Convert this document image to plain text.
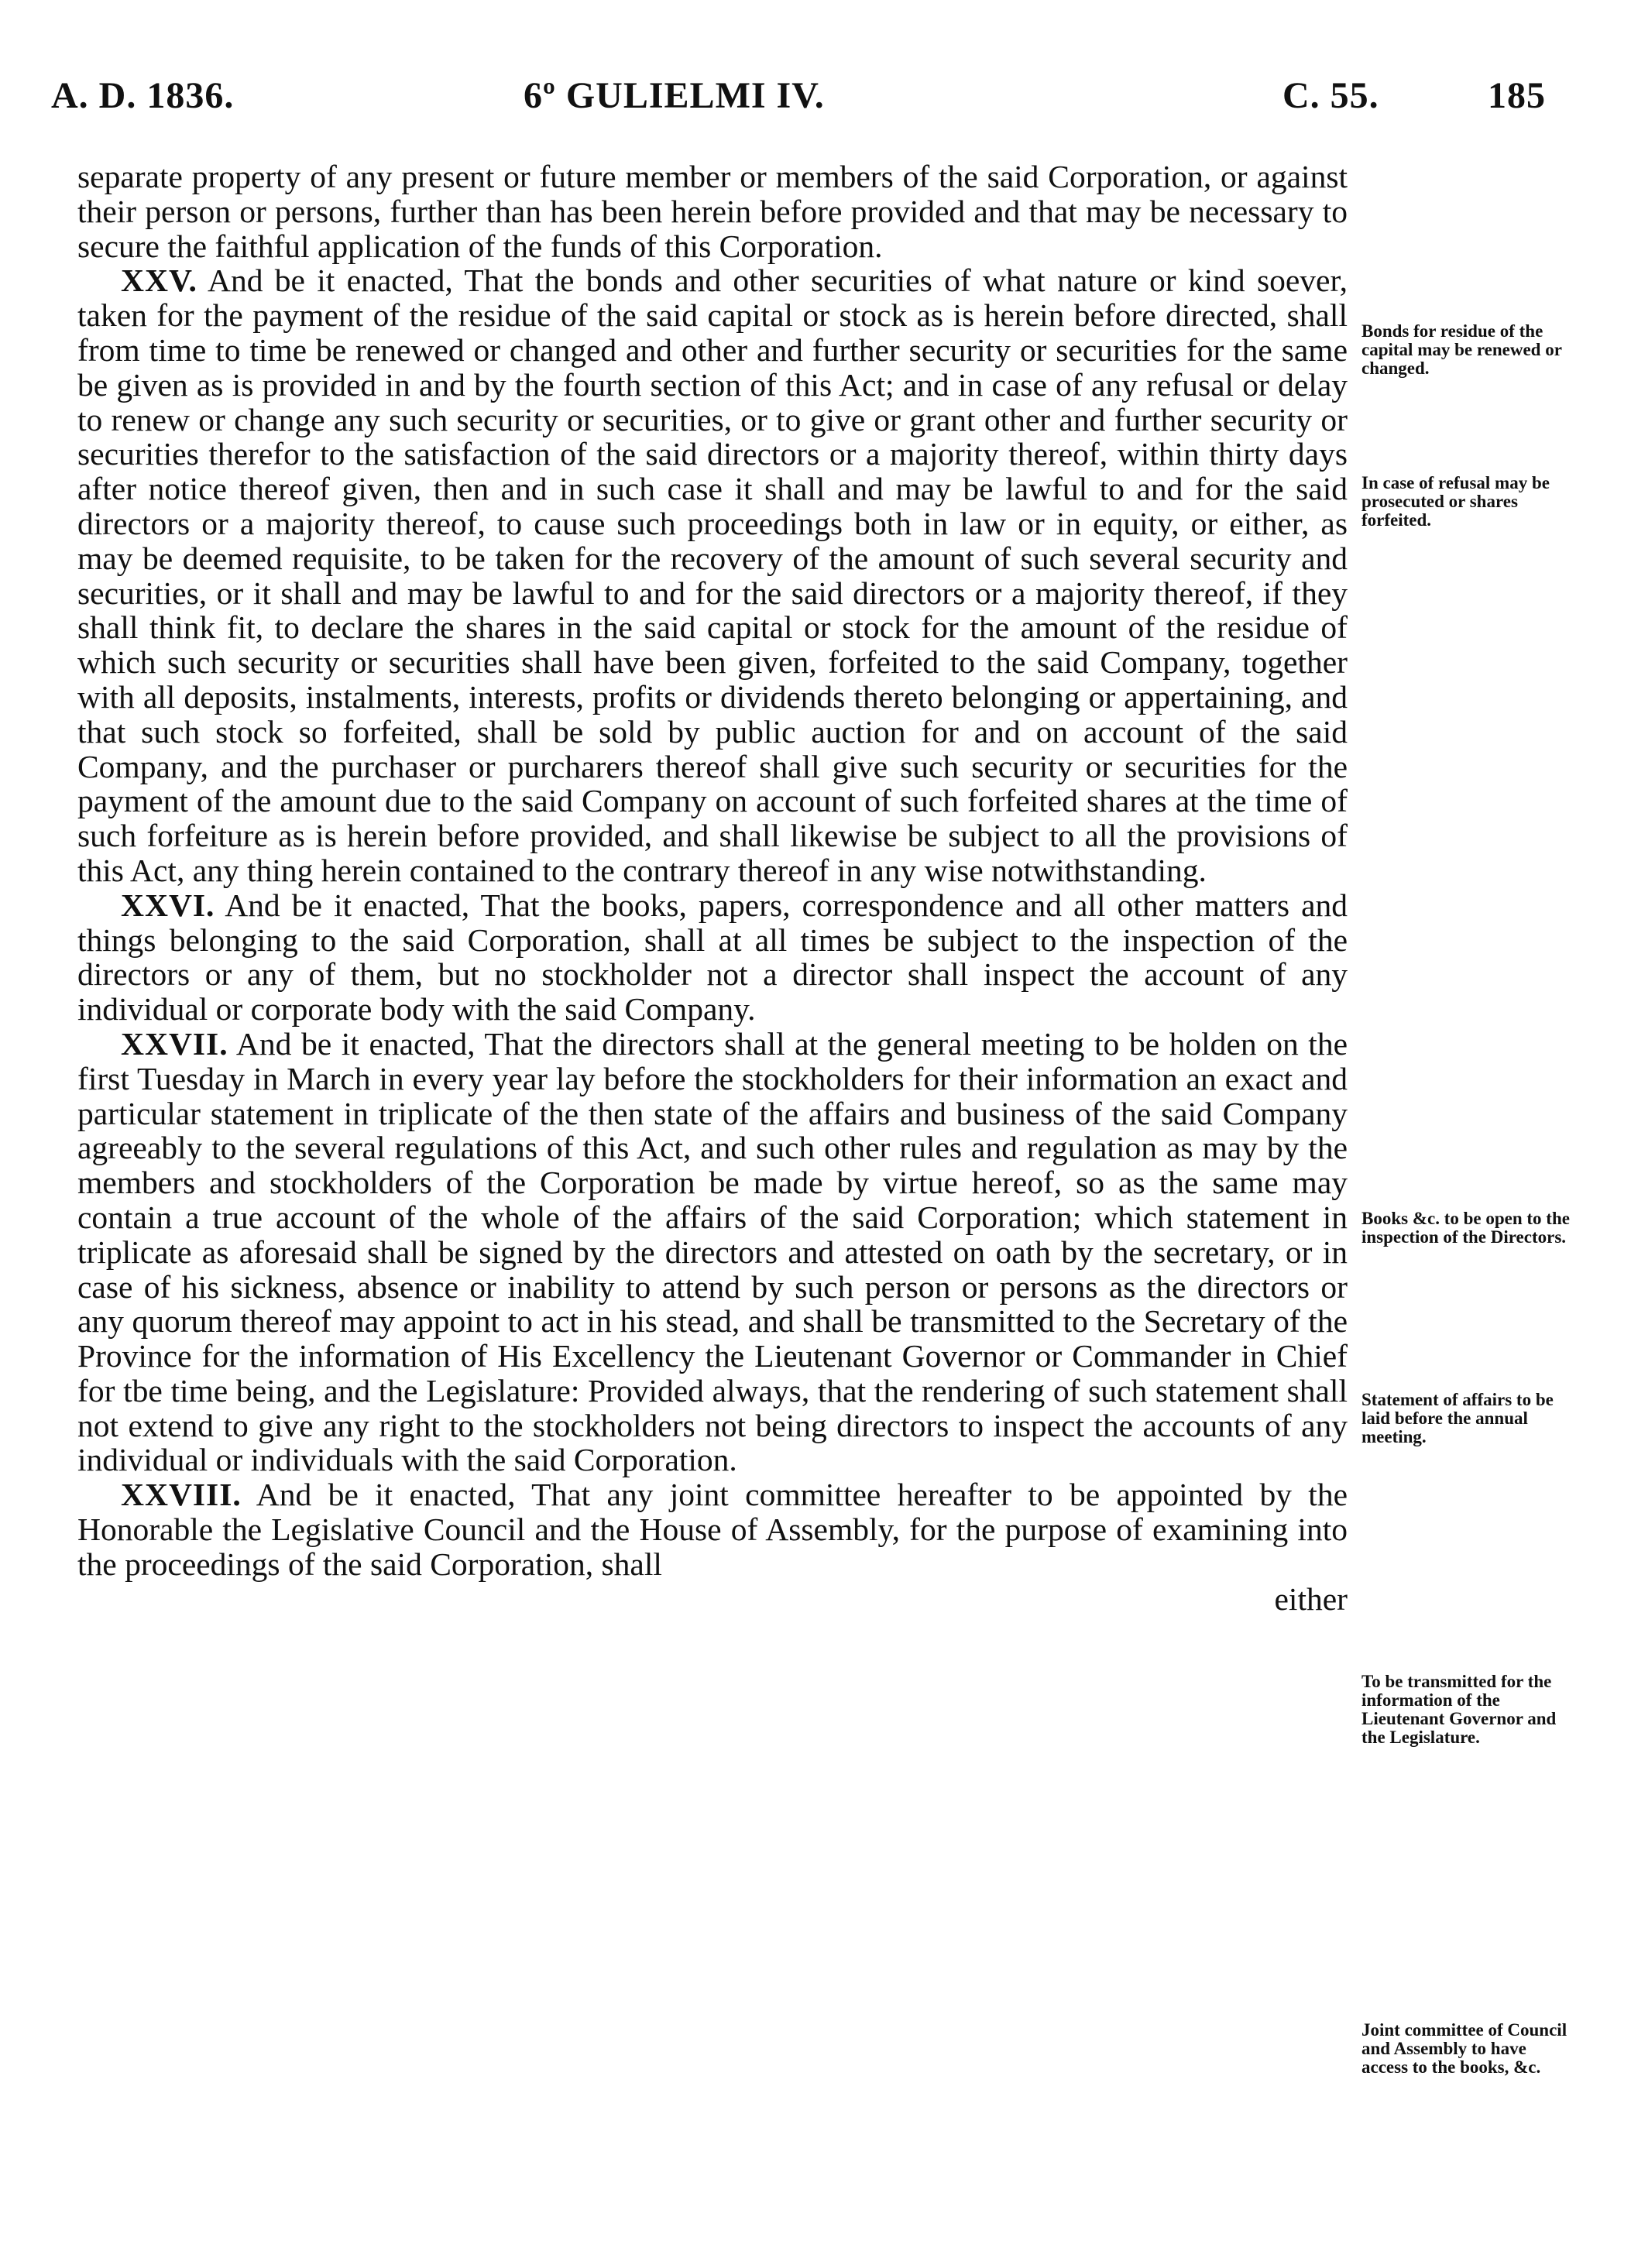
A. D. 1836.	6º GULIELMI IV.	C. 55.	185

separate property of any present or future member or members of the said Corporation, or against their person or persons, further than has been herein before provided and that may be necessary to secure the faithful application of the funds of this Corporation.

XXV. And be it enacted, That the bonds and other securities of what nature or kind soever, taken for the payment of the residue of the said capital or stock as is herein before directed, shall from time to time be renewed or changed and other and further security or securities for the same be given as is provided in and by the fourth section of this Act; and in case of any refusal or delay to renew or change any such security or securities, or to give or grant other and further security or securities therefor to the satisfaction of the said directors or a majority thereof, within thirty days after notice thereof given, then and in such case it shall and may be lawful to and for the said directors or a majority thereof, to cause such proceedings both in law or in equity, or either, as may be deemed requisite, to be taken for the recovery of the amount of such several security and securities, or it shall and may be lawful to and for the said directors or a majority thereof, if they shall think fit, to declare the shares in the said capital or stock for the amount of the residue of which such security or securities shall have been given, forfeited to the said Company, together with all deposits, instalments, interests, profits or dividends thereto belonging or appertaining, and that such stock so forfeited, shall be sold by public auction for and on account of the said Company, and the purchaser or purcharers thereof shall give such security or securities for the payment of the amount due to the said Company on account of such forfeited shares at the time of such forfeiture as is herein before provided, and shall likewise be subject to all the provisions of this Act, any thing herein contained to the contrary thereof in any wise notwithstanding.

XXVI. And be it enacted, That the books, papers, correspondence and all other matters and things belonging to the said Corporation, shall at all times be subject to the inspection of the directors or any of them, but no stockholder not a director shall inspect the account of any individual or corporate body with the said Company.

XXVII. And be it enacted, That the directors shall at the general meeting to be holden on the first Tuesday in March in every year lay before the stockholders for their information an exact and particular statement in triplicate of the then state of the affairs and business of the said Company agreeably to the several regulations of this Act, and such other rules and regulation as may by the members and stockholders of the Corporation be made by virtue hereof, so as the same may contain a true account of the whole of the affairs of the said Corporation; which statement in triplicate as aforesaid shall be signed by the directors and attested on oath by the secretary, or in case of his sickness, absence or inability to attend by such person or persons as the directors or any quorum thereof may appoint to act in his stead, and shall be transmitted to the Secretary of the Province for the information of His Excellency the Lieutenant Governor or Commander in Chief for tbe time being, and the Legislature: Provided always, that the rendering of such statement shall not extend to give any right to the stockholders not being directors to inspect the accounts of any individual or individuals with the said Corporation.

XXVIII. And be it enacted, That any joint committee hereafter to be appointed by the Honorable the Legislative Council and the House of Assembly, for the purpose of examining into the proceedings of the said Corporation, shall

either

Bonds for residue of the capital may be renewed or changed.
In case of refusal may be prosecuted or shares forfeited.
Books &c. to be open to the inspection of the Directors.
Statement of affairs to be laid before the annual meeting.
To be transmitted for the information of the Lieutenant Governor and the Legislature.
Joint committee of Council and Assembly to have access to the books, &c.
